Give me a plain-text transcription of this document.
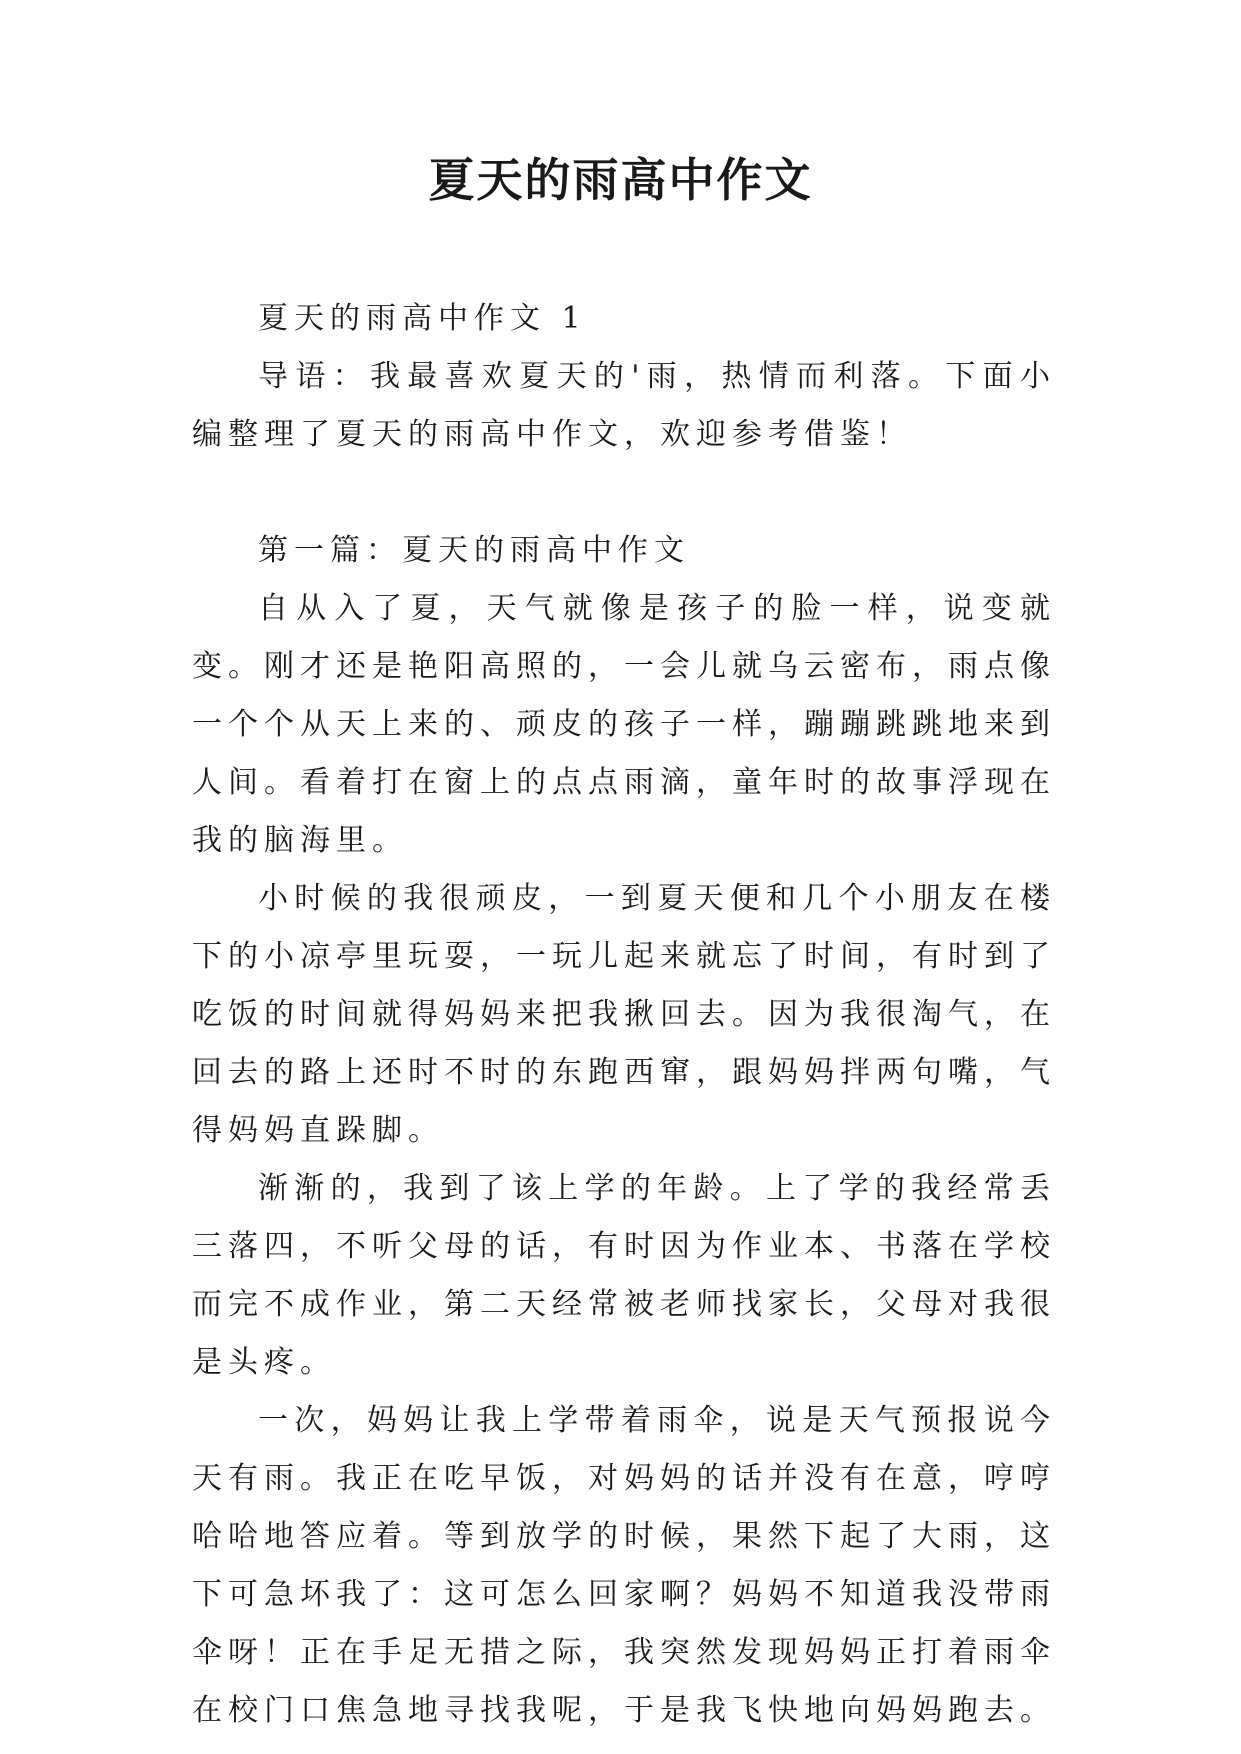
夏天的雨高中作文

夏天的雨高中作文 1

导语：我最喜欢夏天的'雨，热情而利落。下面小编整理了夏天的雨高中作文，欢迎参考借鉴！

第一篇：夏天的雨高中作文

自从入了夏，天气就像是孩子的脸一样，说变就变。刚才还是艳阳高照的，一会儿就乌云密布，雨点像一个个从天上来的、顽皮的孩子一样，蹦蹦跳跳地来到人间。看着打在窗上的点点雨滴，童年时的故事浮现在我的脑海里。

小时候的我很顽皮，一到夏天便和几个小朋友在楼下的小凉亭里玩耍，一玩儿起来就忘了时间，有时到了吃饭的时间就得妈妈来把我揪回去。因为我很淘气，在回去的路上还时不时的东跑西窜，跟妈妈拌两句嘴，气得妈妈直跺脚。

渐渐的，我到了该上学的年龄。上了学的我经常丢三落四，不听父母的话，有时因为作业本、书落在学校而完不成作业，第二天经常被老师找家长，父母对我很是头疼。

一次，妈妈让我上学带着雨伞，说是天气预报说今天有雨。我正在吃早饭，对妈妈的话并没有在意，哼哼哈哈地答应着。等到放学的时候，果然下起了大雨，这下可急坏我了：这可怎么回家啊？妈妈不知道我没带雨伞呀！正在手足无措之际，我突然发现妈妈正打着雨伞在校门口焦急地寻找我呢，于是我飞快地向妈妈跑去。
